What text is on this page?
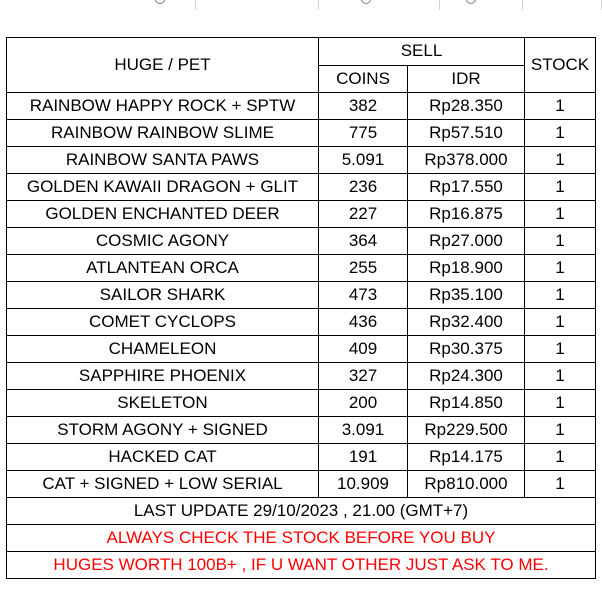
HUGE / PET	SELL		STOCK
	COINS	IDR	
RAINBOW HAPPY ROCK + SPTW	382	Rp28.350	1
RAINBOW RAINBOW SLIME	775	Rp57.510	1
RAINBOW SANTA PAWS	5.091	Rp378.000	1
GOLDEN KAWAII DRAGON + GLIT	236	Rp17.550	1
GOLDEN ENCHANTED DEER	227	Rp16.875	1
COSMIC AGONY	364	Rp27.000	1
ATLANTEAN ORCA	255	Rp18.900	1
SAILOR SHARK	473	Rp35.100	1
COMET CYCLOPS	436	Rp32.400	1
CHAMELEON	409	Rp30.375	1
SAPPHIRE PHOENIX	327	Rp24.300	1
SKELETON	200	Rp14.850	1
STORM AGONY + SIGNED	3.091	Rp229.500	1
HACKED CAT	191	Rp14.175	1
CAT + SIGNED + LOW SERIAL	10.909	Rp810.000	1
LAST UPDATE 29/10/2023 , 21.00 (GMT+7)			
ALWAYS CHECK THE STOCK BEFORE YOU BUY			
HUGES WORTH 100B+ , IF U WANT OTHER JUST ASK TO ME.			
